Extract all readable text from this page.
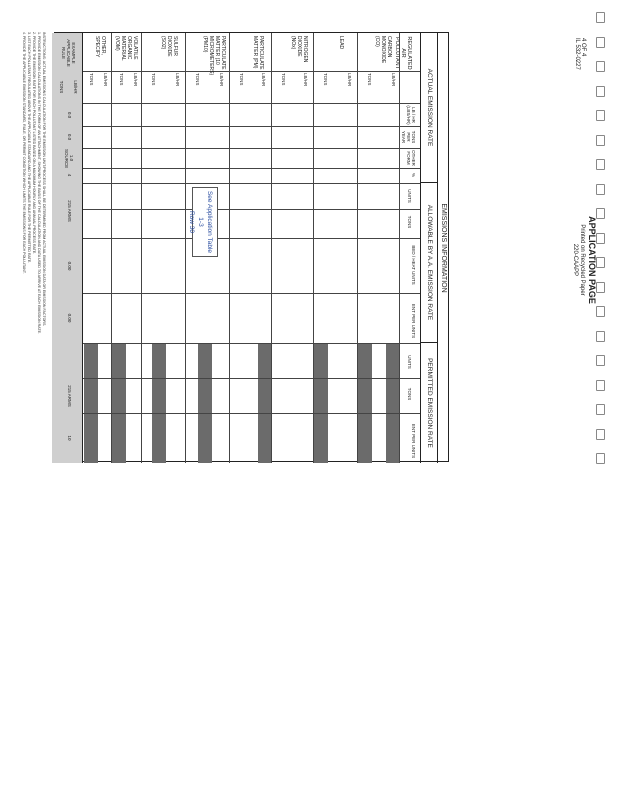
EMISSIONS INFORMATION
ACTUAL EMISSION RATE
ALLOWABLE BY A.A. EMISSION RATE
PERMITTED EMISSION RATE
REGULATED AIR POLLUTANT
LB / HR (LBS/HR)
TONS PER YEAR
OTHER FORM
%
UNITS
TONS
BED / HEAT UNITS
ENT PER UNITS
UNITS
TONS
ENT PER UNITS
CARBON MONOXIDE (CO)
LB/HR
TONS
LEAD
LB/HR
TONS
NITROGEN DIOXIDE (NOx)
LB/HR
TONS
PARTICULATE MATTER (PM)
LB/HR
TONS
PARTICULATE MATTER (10 MICROMETERS) (PM10)
LB/HR
TONS
SULFUR DIOXIDE (SO2)
LB/HR
TONS
VOLATILE ORGANIC MATERIAL (VOM)
LB/HR
TONS
OTHER, SPECIFY
LB/HR
TONS
See Application Table 1-3
Row 30
EXAMPLE APPLICABLE RULE
LB/HR
TONS
0.0
0.0
1.0 SOURCE
4
215 ARMS
0.00
0.00
215 ARMS
10
INSTRUCTIONS: ACTUAL EMISSIONS CALCULATION FOR THE EMISSION UNIT/PROCESS SHALL BE DETERMINED FROM ACTUAL EMISSION DATA OR EMISSION FACTORS.
1. PROVIDE EMISSION CALCULATIONS IN THE FORM OF AN ATTACHMENT, SHOWING THE BASIS OF THE CALCULATION AND DATA USED TO ARRIVE AT EACH EMISSION RATE.
2. PROVIDE THE EMISSION RATE FOR EACH POLLUTANT LISTED BASED ON A MAXIMUM HOURLY AND ANNUAL PROCESS RATE.
3. LIST EACH POLLUTANT REGULATED ABOVE THE APPLICABLE STANDARD AND THE APPLICABLE RULE FOR THE PERMITTED RATE.
4. PROVIDE THE APPLICABLE EMISSION STANDARD, RULE, OR PERMIT CONDITION WHICH LIMITS THE EMISSIONS FOR EACH POLLUTANT.	APPLICATION PAGE
Printed on Recycled Paper
220-CAAPP
4 OF 4
IL 532-0227
